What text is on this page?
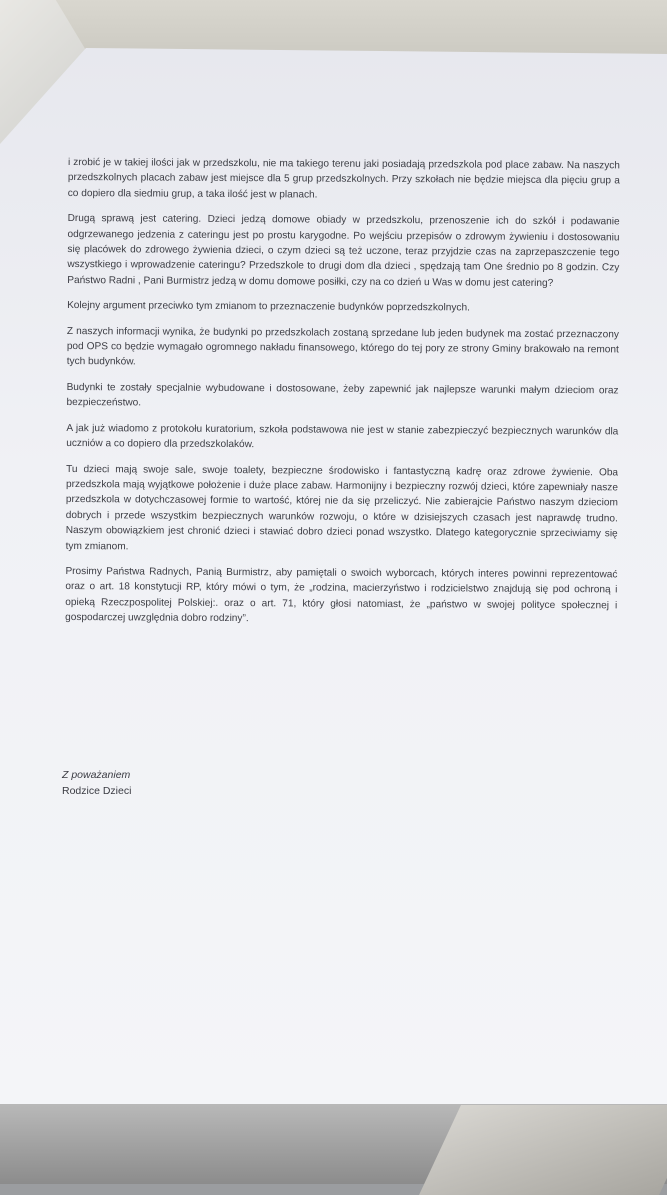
i zrobić je w takiej ilości jak w przedszkolu, nie ma takiego terenu jaki posiadają przedszkola pod place zabaw. Na naszych przedszkolnych placach zabaw jest miejsce dla 5 grup przedszkolnych. Przy szkołach nie będzie miejsca dla pięciu grup a co dopiero dla siedmiu grup, a taka ilość jest w planach.

Drugą sprawą jest catering. Dzieci jedzą domowe obiady w przedszkolu, przenoszenie ich do szkół i podawanie odgrzewanego jedzenia z cateringu jest po prostu karygodne. Po wejściu przepisów o zdrowym żywieniu i dostosowaniu się placówek do zdrowego żywienia dzieci, o czym dzieci są też uczone, teraz przyjdzie czas na zaprzepaszczenie tego wszystkiego i wprowadzenie cateringu? Przedszkole to drugi dom dla dzieci , spędzają tam One średnio po 8 godzin. Czy Państwo Radni , Pani Burmistrz jedzą w domu domowe posiłki, czy na co dzień u Was w domu jest catering?

Kolejny argument przeciwko tym zmianom to przeznaczenie budynków poprzedszkolnych.

Z naszych informacji wynika, że budynki po przedszkolach zostaną sprzedane lub jeden budynek ma zostać przeznaczony pod OPS co będzie wymagało ogromnego nakładu finansowego, którego do tej pory ze strony Gminy brakowało na remont tych budynków.

Budynki te zostały specjalnie wybudowane i dostosowane, żeby zapewnić jak najlepsze warunki małym dzieciom oraz bezpieczeństwo.

A jak już wiadomo z protokołu kuratorium, szkoła podstawowa nie jest w stanie zabezpieczyć bezpiecznych warunków dla uczniów a co dopiero dla przedszkolaków.

Tu dzieci mają swoje sale, swoje toalety, bezpieczne środowisko i fantastyczną kadrę oraz zdrowe żywienie. Oba przedszkola mają wyjątkowe położenie i duże place zabaw. Harmonijny i bezpieczny rozwój dzieci, które zapewniały nasze przedszkola w dotychczasowej formie to wartość, której nie da się przeliczyć. Nie zabierajcie Państwo naszym dzieciom dobrych i przede wszystkim bezpiecznych warunków rozwoju, o które w dzisiejszych czasach jest naprawdę trudno. Naszym obowiązkiem jest chronić dzieci i stawiać dobro dzieci ponad wszystko. Dlatego kategorycznie sprzeciwiamy się tym zmianom.

Prosimy Państwa Radnych, Panią Burmistrz, aby pamiętali o swoich wyborcach, których interes powinni reprezentować oraz o art. 18 konstytucji RP, który mówi o tym, że „rodzina, macierzyństwo i rodzicielstwo znajdują się pod ochroną i opieką Rzeczpospolitej Polskiej:. oraz o art. 71, który głosi natomiast, że „państwo w swojej polityce społecznej i gospodarczej uwzględnia dobro rodziny”.

Z poważaniem
Rodzice Dzieci
